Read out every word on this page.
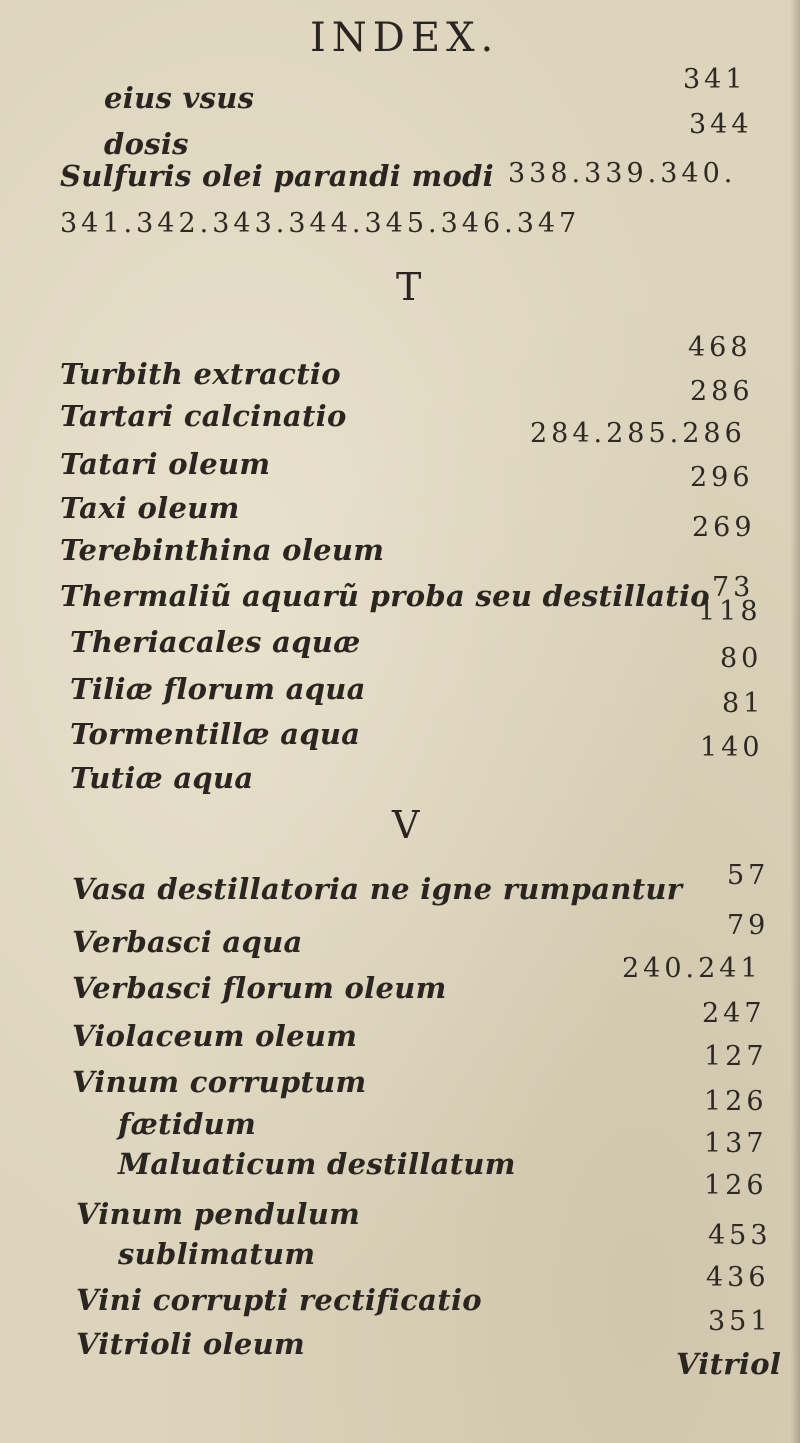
INDEX.
eius vsus
341
dosis
344
Sulfuris olei parandi modi 338.339.340.
341.342.343.344.345.346.347
T
Turbith extractio
468
Tartari calcinatio
286
Tatari oleum
284.285.286
Taxi oleum
296
Terebinthina oleum
269
Thermaliũ aquarũ proba seu destillatio 73
Theriacales aquæ
118
Tiliæ florum aqua
80
Tormentillæ aqua
81
Tutiæ aqua
140
V
Vasa destillatoria ne igne rumpantur 57
Verbasci aqua	79
Verbasci florum oleum
240.241
Violaceum oleum
247
Vinum corruptum
127
fætidum
126
Maluaticum destillatum
137
Vinum pendulum
126
sublimatum
453
Vini corrupti rectificatio
436
Vitrioli oleum
351
Vitriol
